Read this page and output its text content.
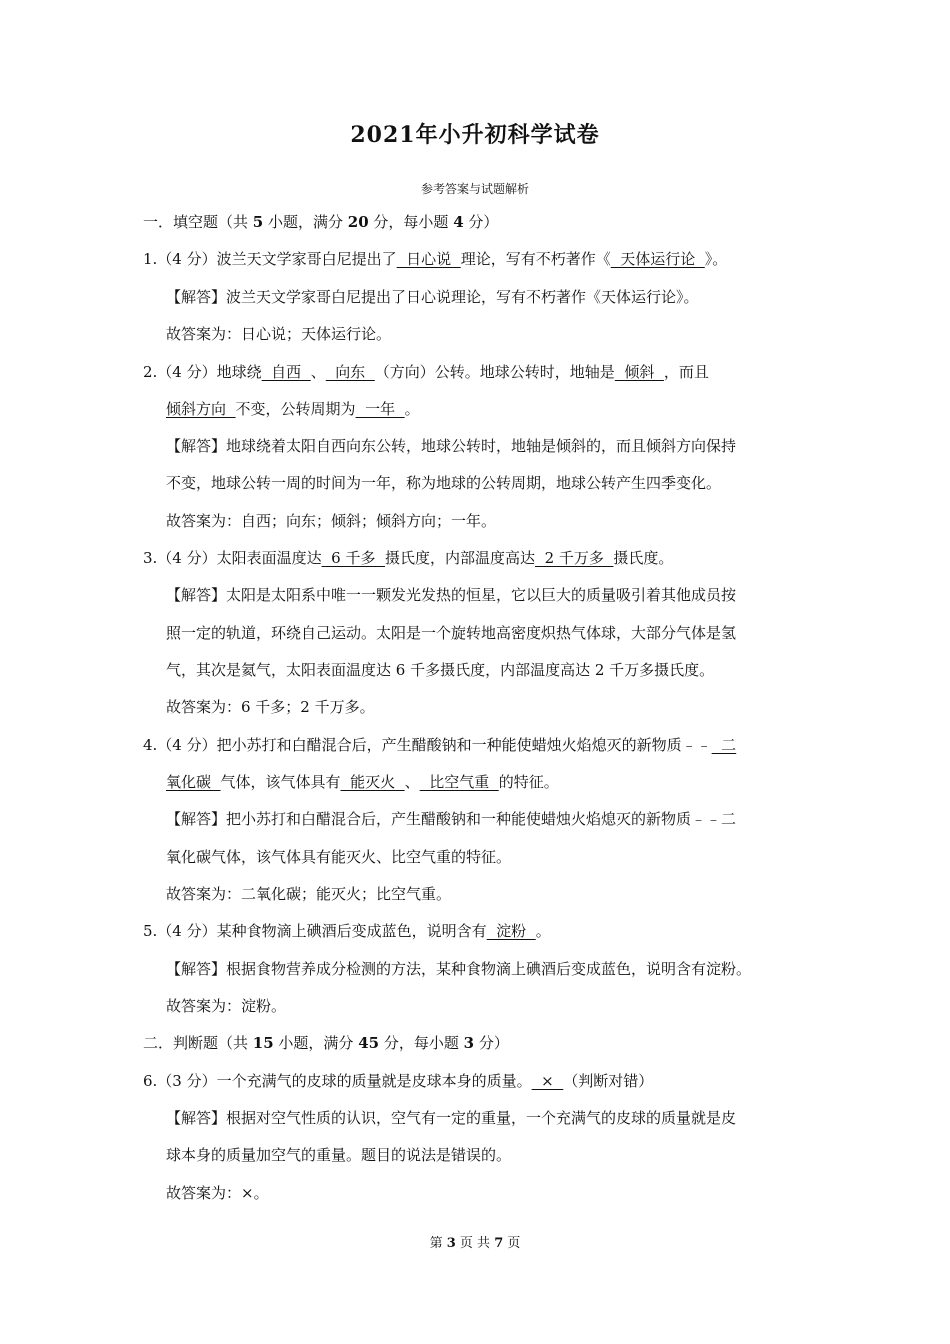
2021年小升初科学试卷
参考答案与试题解析
一．填空题（共 5 小题，满分 20 分，每小题 4 分）
1.（4 分）波兰天文学家哥白尼提出了  日心说  理论，写有不朽著作《  天体运行论  》。
【解答】波兰天文学家哥白尼提出了日心说理论，写有不朽著作《天体运行论》。
故答案为：日心说；天体运行论。
2.（4 分）地球绕  自西  、  向东  （方向）公转。地球公转时，地轴是  倾斜  ，而且
倾斜方向  不变，公转周期为  一年  。
【解答】地球绕着太阳自西向东公转，地球公转时，地轴是倾斜的，而且倾斜方向保持
不变，地球公转一周的时间为一年，称为地球的公转周期，地球公转产生四季变化。
故答案为：自西；向东；倾斜；倾斜方向；一年。
3.（4 分）太阳表面温度达  6 千多  摄氏度，内部温度高达  2 千万多  摄氏度。
【解答】太阳是太阳系中唯一一颗发光发热的恒星，它以巨大的质量吸引着其他成员按
照一定的轨道，环绕自己运动。太阳是一个旋转地高密度炽热气体球，大部分气体是氢
气，其次是氦气，太阳表面温度达 6 千多摄氏度，内部温度高达 2 千万多摄氏度。
故答案为：6 千多；2 千万多。
4.（4 分）把小苏打和白醋混合后，产生醋酸钠和一种能使蜡烛火焰熄灭的新物质﹣﹣  二
氧化碳  气体，该气体具有  能灭火  、  比空气重  的特征。
【解答】把小苏打和白醋混合后，产生醋酸钠和一种能使蜡烛火焰熄灭的新物质﹣﹣二
氧化碳气体，该气体具有能灭火、比空气重的特征。
故答案为：二氧化碳；能灭火；比空气重。
5.（4 分）某种食物滴上碘酒后变成蓝色，说明含有  淀粉  。
【解答】根据食物营养成分检测的方法，某种食物滴上碘酒后变成蓝色，说明含有淀粉。
故答案为：淀粉。
二．判断题（共 15 小题，满分 45 分，每小题 3 分）
6.（3 分）一个充满气的皮球的质量就是皮球本身的质量。  ×  （判断对错）
【解答】根据对空气性质的认识，空气有一定的重量，一个充满气的皮球的质量就是皮
球本身的质量加空气的重量。题目的说法是错误的。
故答案为：×。
第 3 页 共 7 页
